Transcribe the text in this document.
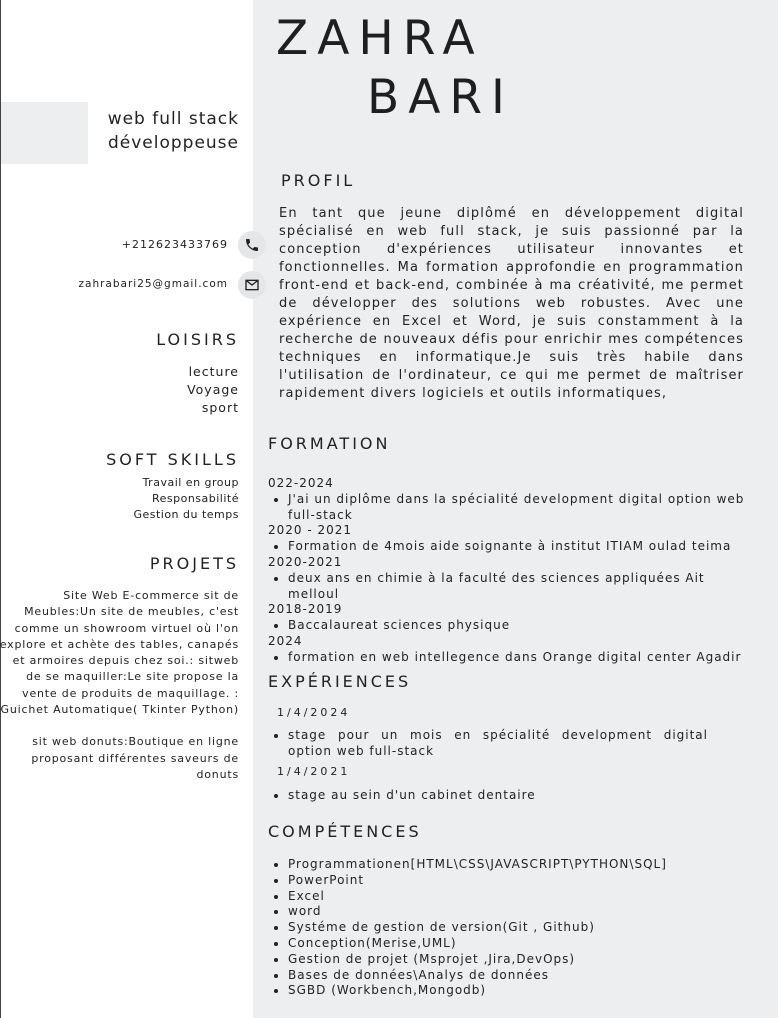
ZAHRA
BARI
web full stack
développeuse
+212623433769
zahrabari25@gmail.com
LOISIRS
lecture
Voyage
sport
SOFT SKILLS
Travail en group
Responsabilité
Gestion du temps
PROJETS

Site Web E-commerce sit de Meubles:Un site de meubles, c'est comme un showroom virtuel où l'on explore et achète des tables, canapés et armoires depuis chez soi.: sitweb de se maquiller:Le site propose la vente de produits de maquillage. : Guichet Automatique( Tkinter Python)

sit web donuts:Boutique en ligne proposant différentes saveurs de donuts

PROFIL

En tant que jeune diplômé en développement digital spécialisé en web full stack, je suis passionné par la conception d'expériences utilisateur innovantes et fonctionnelles. Ma formation approfondie en programmation front-end et back-end, combinée à ma créativité, me permet de développer des solutions web robustes. Avec une expérience en Excel et Word, je suis constamment à la recherche de nouveaux défis pour enrichir mes compétences techniques en informatique.Je suis très habile dans l'utilisation de l'ordinateur, ce qui me permet de maîtriser rapidement divers logiciels et outils informatiques,

FORMATION
022-2024
• J'ai un diplôme dans la spécialité development digital option web full-stack
2020 - 2021
• Formation de 4mois aide soignante à institut ITIAM oulad teima
2020-2021
• deux ans en chimie à la faculté des sciences appliquées Ait melloul
2018-2019
• Baccalaureat sciences physique
2024
• formation en web intellegence dans Orange digital center Agadir
EXPÉRIENCES
1/4/2024
• stage pour un mois en spécialité development digital option web full-stack
1/4/2021
• stage au sein d'un cabinet dentaire
COMPÉTENCES
• Programmationen[HTML\CSS\JAVASCRIPT\PYTHON\SQL]
• PowerPoint
• Excel
• word
• Systéme de gestion de version(Git , Github)
• Conception(Merise,UML)
• Gestion de projet (Msprojet ,Jira,DevOps)
• Bases de données\Analys de données
• SGBD (Workbench,Mongodb)
